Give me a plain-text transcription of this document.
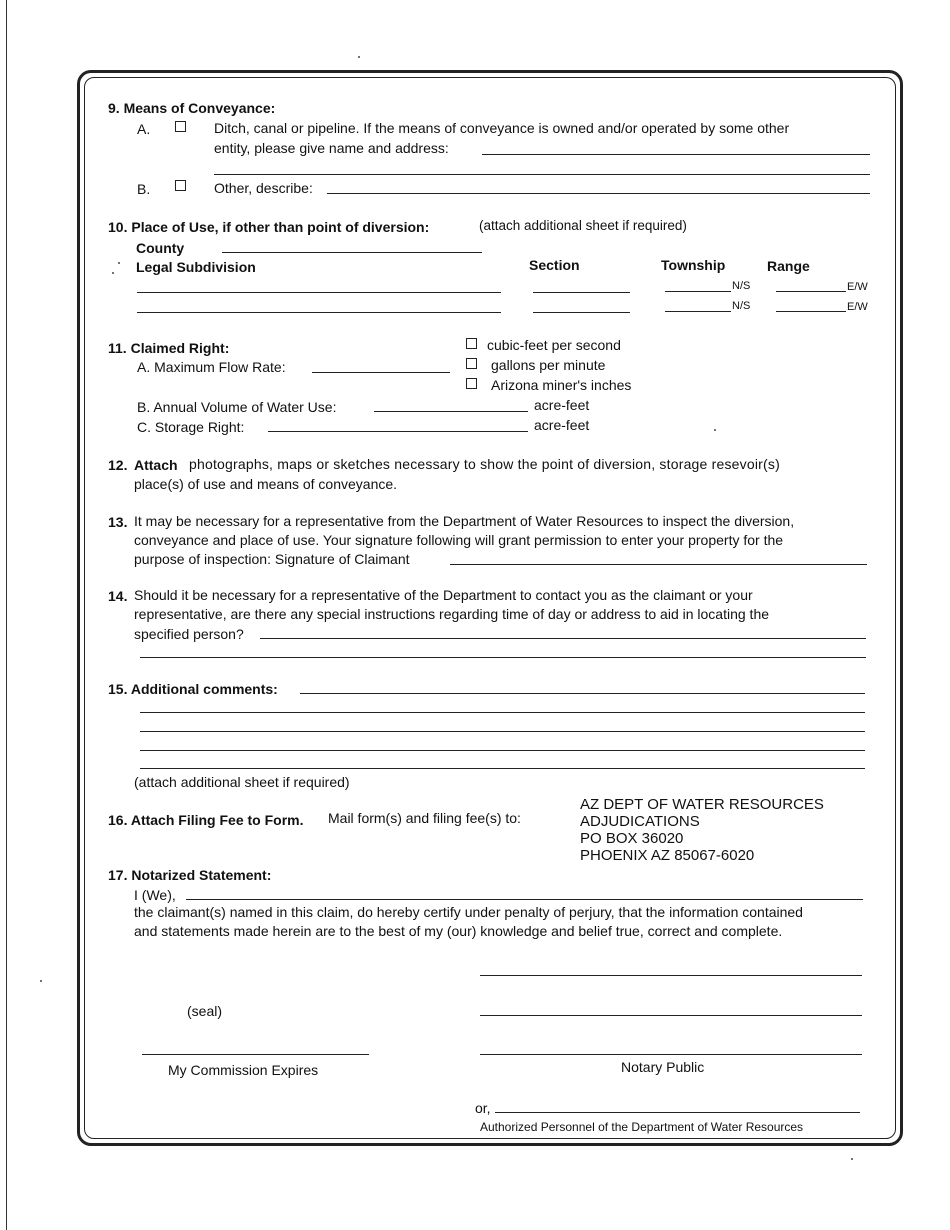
9. Means of Conveyance:
A.	Ditch, canal or pipeline. If the means of conveyance is owned and/or operated by some other
entity, please give name and address:
B.	Other, describe:
10. Place of Use, if other than point of diversion:	(attach additional sheet if required)
County
Legal Subdivision	Section	Township	Range
N/S	E/W
N/S	E/W
11. Claimed Right:
A. Maximum Flow Rate:
cubic-feet per second
gallons per minute
Arizona miner's inches
B. Annual Volume of Water Use:	acre-feet
C. Storage Right:	acre-feet
12. Attach photographs, maps or sketches necessary to show the point of diversion, storage resevoir(s)
place(s) of use and means of conveyance.
13. It may be necessary for a representative from the Department of Water Resources to inspect the diversion,
conveyance and place of use. Your signature following will grant permission to enter your property for the
purpose of inspection: Signature of Claimant
14. Should it be necessary for a representative of the Department to contact you as the claimant or your
representative, are there any special instructions regarding time of day or address to aid in locating the
specified person?
15. Additional comments:
(attach additional sheet if required)
16. Attach Filing Fee to Form. Mail form(s) and filing fee(s) to:
AZ DEPT OF WATER RESOURCES
ADJUDICATIONS
PO BOX 36020
PHOENIX AZ 85067-6020
17. Notarized Statement:
I (We),
the claimant(s) named in this claim, do hereby certify under penalty of perjury, that the information contained
and statements made herein are to the best of my (our) knowledge and belief true, correct and complete.
(seal)
My Commission Expires	Notary Public
or,
Authorized Personnel of the Department of Water Resources
